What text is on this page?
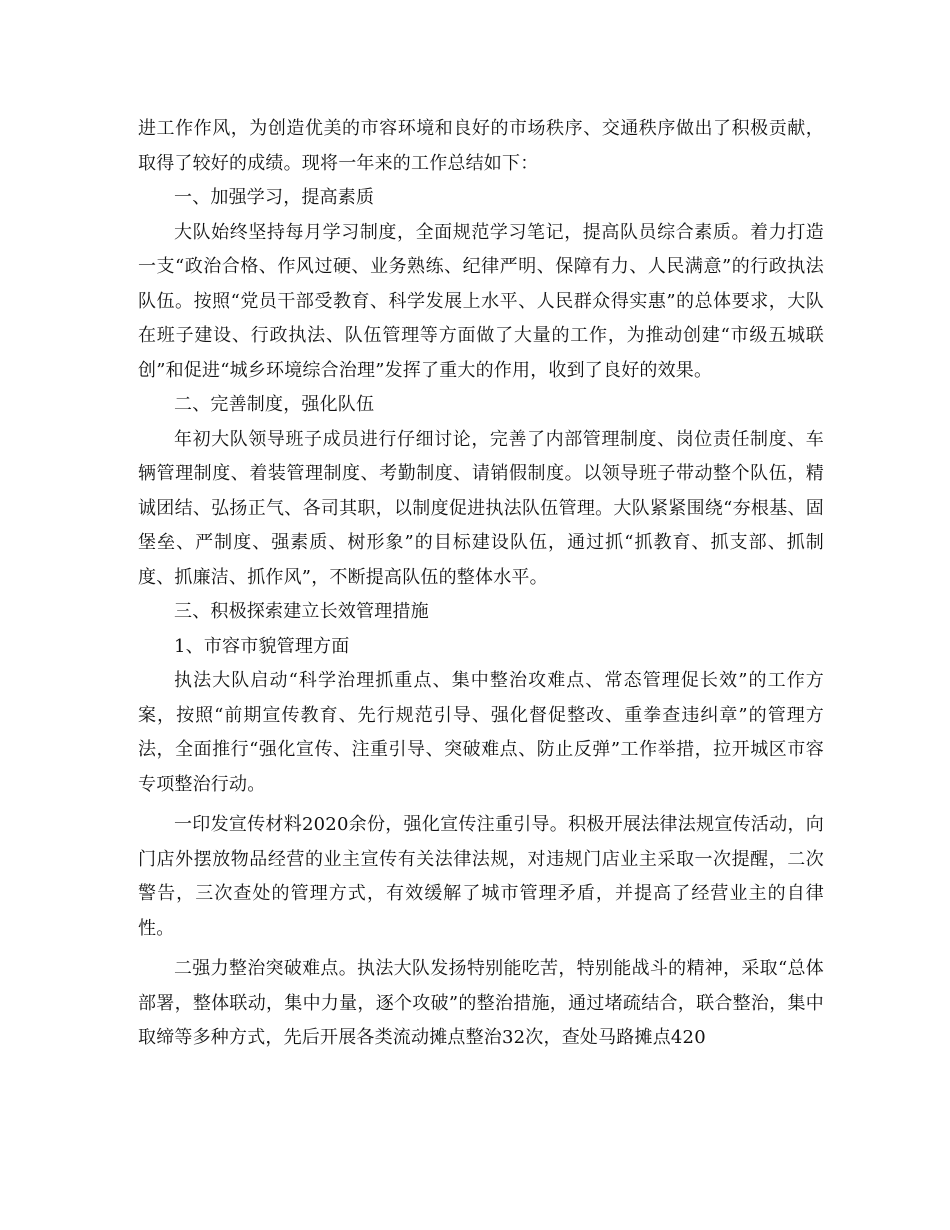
进工作作风，为创造优美的市容环境和良好的市场秩序、交通秩序做出了积极贡献，取得了较好的成绩。现将一年来的工作总结如下：

一、加强学习，提高素质

大队始终坚持每月学习制度，全面规范学习笔记，提高队员综合素质。着力打造一支“政治合格、作风过硬、业务熟练、纪律严明、保障有力、人民满意”的行政执法队伍。按照“党员干部受教育、科学发展上水平、人民群众得实惠”的总体要求，大队在班子建设、行政执法、队伍管理等方面做了大量的工作，为推动创建“市级五城联创”和促进“城乡环境综合治理”发挥了重大的作用，收到了良好的效果。

二、完善制度，强化队伍

年初大队领导班子成员进行仔细讨论，完善了内部管理制度、岗位责任制度、车辆管理制度、着装管理制度、考勤制度、请销假制度。以领导班子带动整个队伍，精诚团结、弘扬正气、各司其职，以制度促进执法队伍管理。大队紧紧围绕“夯根基、固堡垒、严制度、强素质、树形象”的目标建设队伍，通过抓“抓教育、抓支部、抓制度、抓廉洁、抓作风”，不断提高队伍的整体水平。

三、积极探索建立长效管理措施

1、市容市貌管理方面

执法大队启动“科学治理抓重点、集中整治攻难点、常态管理促长效”的工作方案，按照“前期宣传教育、先行规范引导、强化督促整改、重拳查违纠章”的管理方法，全面推行“强化宣传、注重引导、突破难点、防止反弹”工作举措，拉开城区市容专项整治行动。

一印发宣传材料2020余份，强化宣传注重引导。积极开展法律法规宣传活动，向门店外摆放物品经营的业主宣传有关法律法规，对违规门店业主采取一次提醒，二次警告，三次查处的管理方式，有效缓解了城市管理矛盾，并提高了经营业主的自律性。

二强力整治突破难点。执法大队发扬特别能吃苦，特别能战斗的精神，采取“总体部署，整体联动，集中力量，逐个攻破”的整治措施，通过堵疏结合，联合整治，集中取缔等多种方式，先后开展各类流动摊点整治32次，查处马路摊点420
